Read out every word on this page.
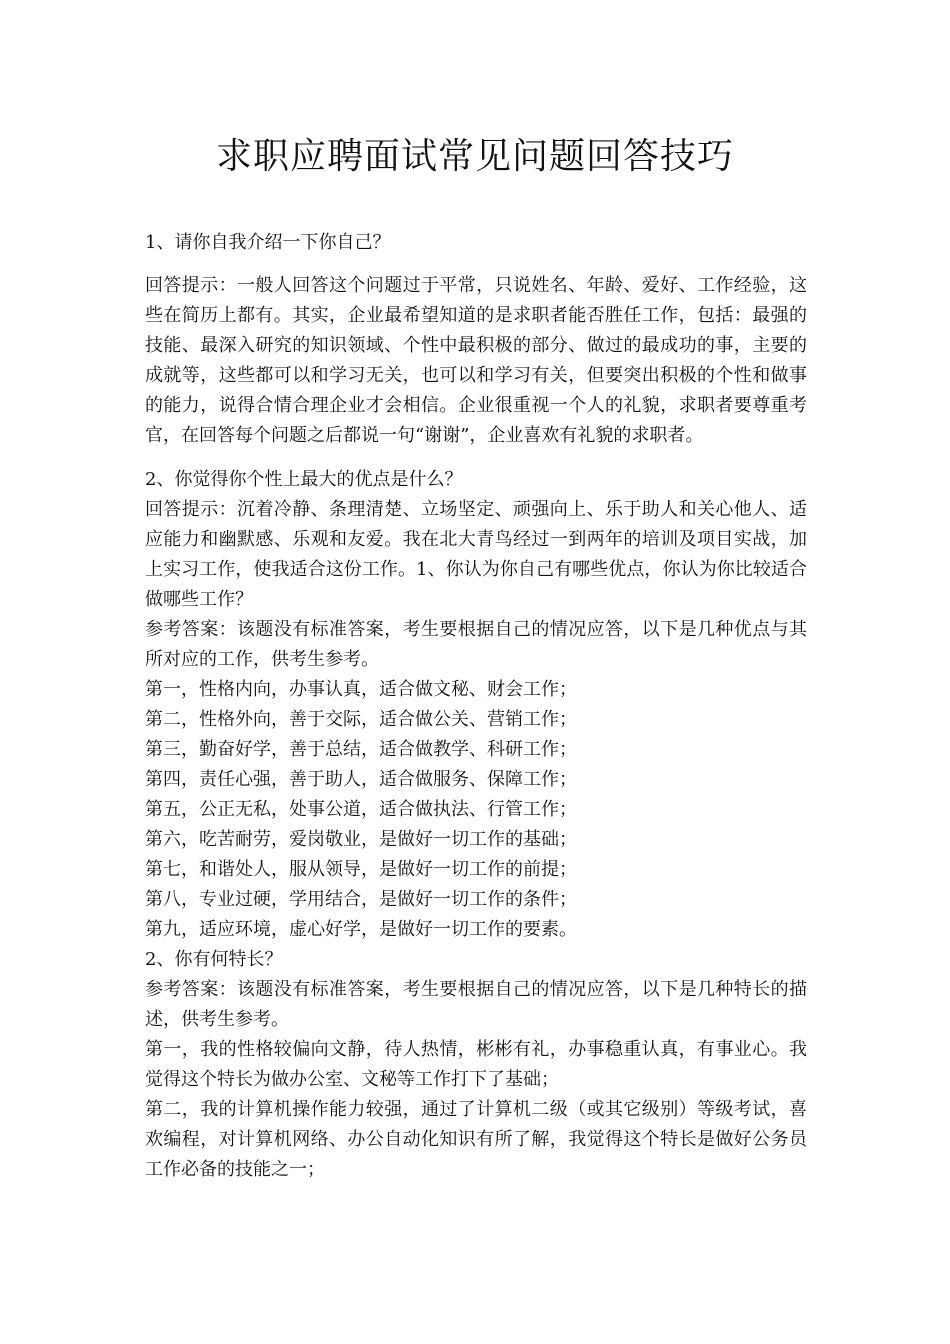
求职应聘面试常见问题回答技巧

1、请你自我介绍一下你自己？

回答提示：一般人回答这个问题过于平常，只说姓名、年龄、爱好、工作经验，这些在简历上都有。其实，企业最希望知道的是求职者能否胜任工作，包括：最强的技能、最深入研究的知识领域、个性中最积极的部分、做过的最成功的事，主要的成就等，这些都可以和学习无关，也可以和学习有关，但要突出积极的个性和做事的能力，说得合情合理企业才会相信。企业很重视一个人的礼貌，求职者要尊重考官，在回答每个问题之后都说一句“谢谢”，企业喜欢有礼貌的求职者。

2、你觉得你个性上最大的优点是什么？

回答提示：沉着冷静、条理清楚、立场坚定、顽强向上、乐于助人和关心他人、适应能力和幽默感、乐观和友爱。我在北大青鸟经过一到两年的培训及项目实战，加上实习工作，使我适合这份工作。1、你认为你自己有哪些优点，你认为你比较适合做哪些工作？

参考答案：该题没有标准答案，考生要根据自己的情况应答，以下是几种优点与其所对应的工作，供考生参考。

第一，性格内向，办事认真，适合做文秘、财会工作；

第二，性格外向，善于交际，适合做公关、营销工作；

第三，勤奋好学，善于总结，适合做教学、科研工作；

第四，责任心强，善于助人，适合做服务、保障工作；

第五，公正无私，处事公道，适合做执法、行管工作；

第六，吃苦耐劳，爱岗敬业，是做好一切工作的基础；

第七，和谐处人，服从领导，是做好一切工作的前提；

第八，专业过硬，学用结合，是做好一切工作的条件；

第九，适应环境，虚心好学，是做好一切工作的要素。

2、你有何特长？

参考答案：该题没有标准答案，考生要根据自己的情况应答，以下是几种特长的描述，供考生参考。

第一，我的性格较偏向文静，待人热情，彬彬有礼，办事稳重认真，有事业心。我觉得这个特长为做办公室、文秘等工作打下了基础；

第二，我的计算机操作能力较强，通过了计算机二级（或其它级别）等级考试，喜欢编程，对计算机网络、办公自动化知识有所了解，我觉得这个特长是做好公务员工作必备的技能之一；
